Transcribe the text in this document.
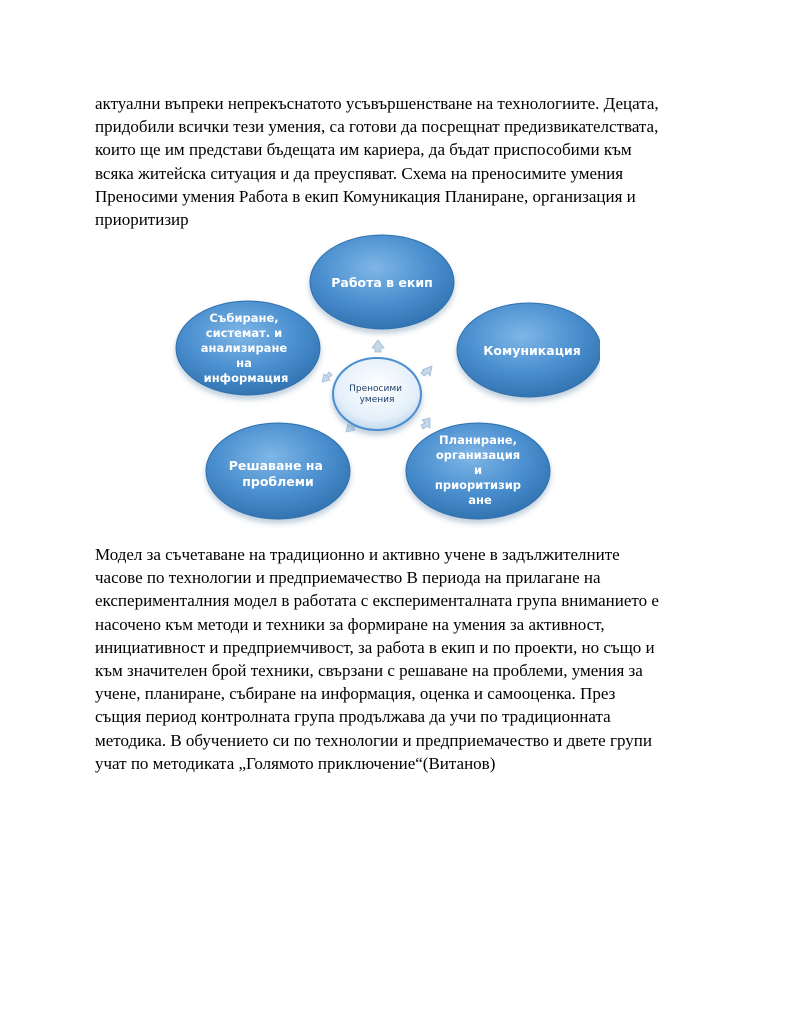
актуални въпреки непрекъснатото усъвършенстване на технологиите. Децата,
придобили всички тези умения, са готови да посрещнат предизвикателствата,
които ще им представи бъдещата им кариера, да бъдат приспособими към
всяка житейска ситуация и да преуспяват. Схема на преносимите умения
Преносими умения Работа в екип Комуникация Планиране, организация и
приоритизир
Работа в екип
Комуникация
Планиране, организация и приоритизир ане
Решаване на проблеми
Събиране, системат. и анализиране на информация
Преносими умения
Модел за съчетаване на традиционно и активно учене в задължителните
часове по технологии и предприемачество В периода на прилагане на
експерименталния модел в работата с експерименталната група вниманието е
насочено към методи и техники за формиране на умения за активност,
инициативност и предприемчивост, за работа в екип и по проекти, но също и
към значителен брой техники, свързани с решаване на проблеми, умения за
учене, планиране, събиране на информация, оценка и самооценка. През
същия период контролната група продължава да учи по традиционната
методика. В обучението си по технологии и предприемачество и двете групи
учат по методиката „Голямото приключение“(Витанов)
